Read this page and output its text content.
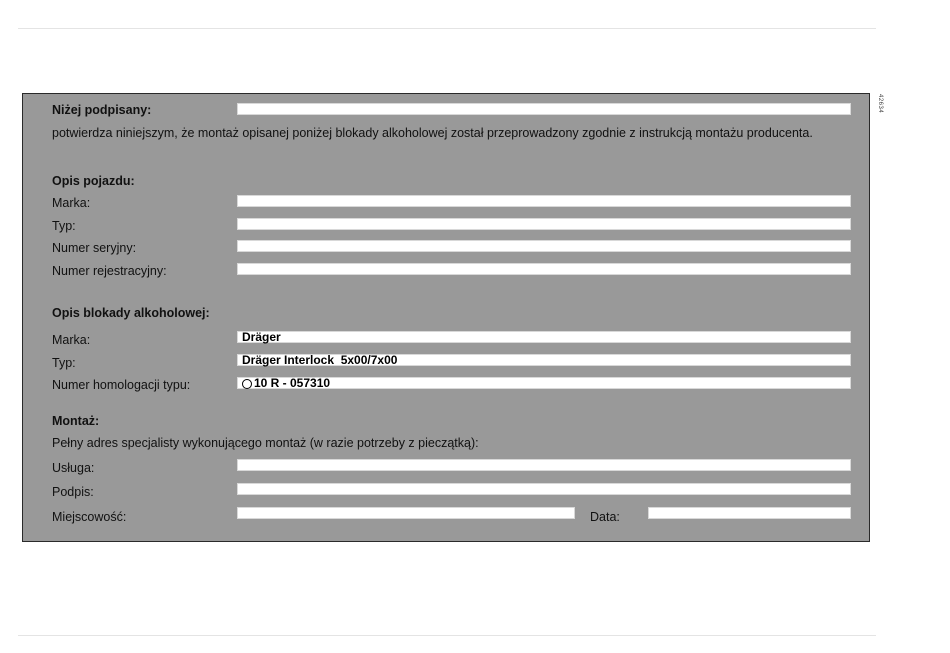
42634
Niżej podpisany:
potwierdza niniejszym, że montaż opisanej poniżej blokady alkoholowej został przeprowadzony zgodnie z instrukcją montażu producenta.
Opis pojazdu:
Marka:
Typ:
Numer seryjny:
Numer rejestracyjny:
Opis blokady alkoholowej:
Marka:	Dräger
Typ:	Dräger Interlock  5x00/7x00
Numer homologacji typu:	10 R - 057310
Montaż:
Pełny adres specjalisty wykonującego montaż (w razie potrzeby z pieczątką):
Usługa:
Podpis:
Miejscowość:	Data:
